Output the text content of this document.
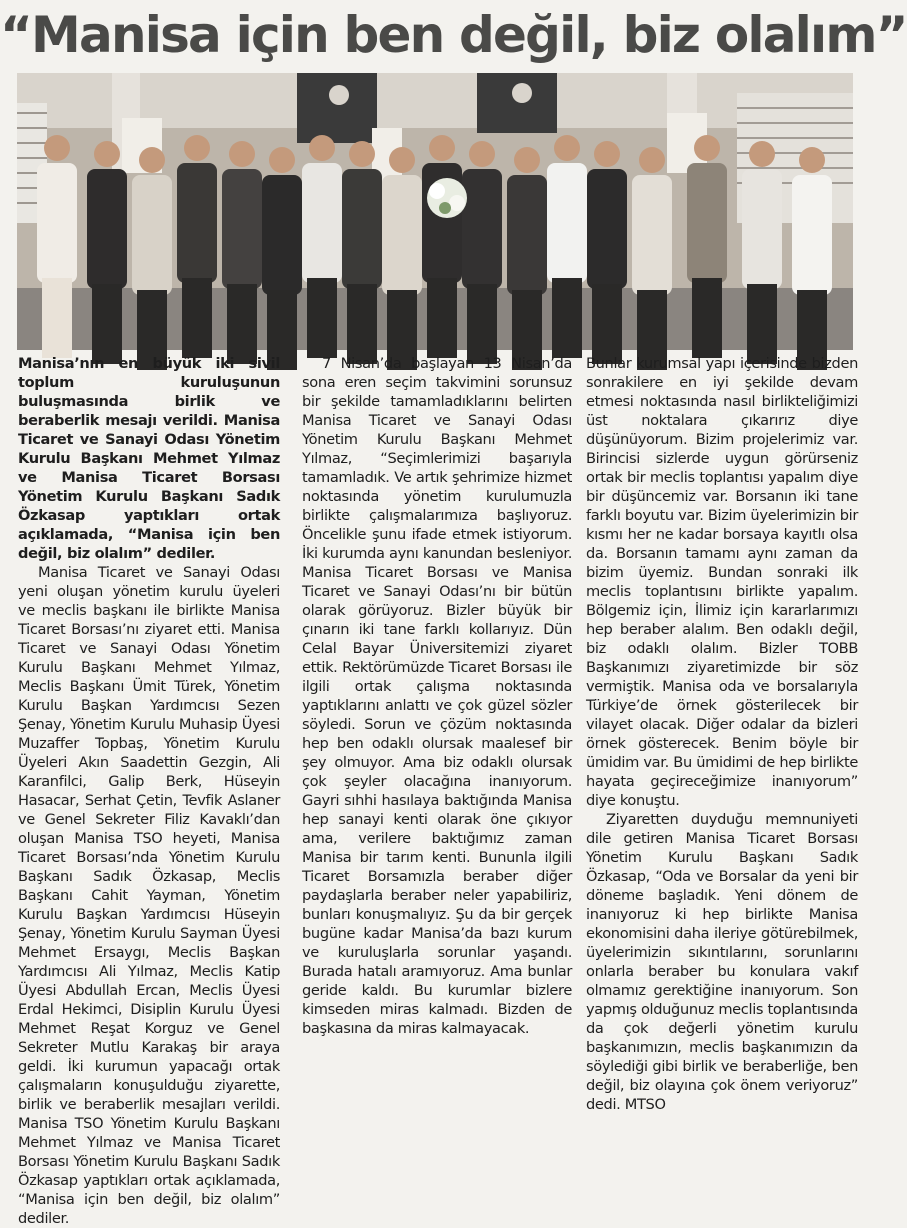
“Manisa için ben değil, biz olalım”

Manisa’nın en büyük iki sivil toplum kuruluşunun buluşmasında birlik ve beraberlik mesajı verildi. Manisa Ticaret ve Sanayi Odası Yönetim Kurulu Başkanı Mehmet Yılmaz ve Manisa Ticaret Borsası Yönetim Kurulu Başkanı Sadık Özkasap yaptıkları ortak açıklamada, “Manisa için ben değil, biz olalım” dediler.

Manisa Ticaret ve Sanayi Odası yeni oluşan yönetim kurulu üyeleri ve meclis başkanı ile birlikte Manisa Ticaret Borsası’nı ziyaret etti. Manisa Ticaret ve Sanayi Odası Yönetim Kurulu Başkanı Mehmet Yılmaz, Meclis Başkanı Ümit Türek, Yönetim Kurulu Başkan Yardımcısı Sezen Şenay, Yönetim Kurulu Muhasip Üyesi Muzaffer Topbaş, Yönetim Kurulu Üyeleri Akın Saadettin Gezgin, Ali Karanfilci, Galip Berk, Hüseyin Hasacar, Serhat Çetin, Tevfik Aslaner ve Genel Sekreter Filiz Kavaklı’dan oluşan Manisa TSO heyeti, Manisa Ticaret Borsası’nda Yönetim Kurulu Başkanı Sadık Özkasap, Meclis Başkanı Cahit Yayman, Yönetim Kurulu Başkan Yardımcısı Hüseyin Şenay, Yönetim Kurulu Sayman Üyesi Mehmet Ersaygı, Meclis Başkan Yardımcısı Ali Yılmaz, Meclis Katip Üyesi Abdullah Ercan, Meclis Üyesi Erdal Hekimci, Disiplin Kurulu Üyesi Mehmet Reşat Korguz ve Genel Sekreter Mutlu Karakaş bir araya geldi. İki kurumun yapacağı ortak çalışmaların konuşulduğu ziyarette, birlik ve beraberlik mesajları verildi. Manisa TSO Yönetim Kurulu Başkanı Mehmet Yılmaz ve Manisa Ticaret Borsası Yönetim Kurulu Başkanı Sadık Özkasap yaptıkları ortak açıklamada, “Manisa için ben değil, biz olalım” dediler.

7 Nisan’da başlayan 13 Nisan’da sona eren seçim takvimini sorunsuz bir şekilde tamamladıklarını belirten Manisa Ticaret ve Sanayi Odası Yönetim Kurulu Başkanı Mehmet Yılmaz, “Seçimlerimizi başarıyla tamamladık. Ve artık şehrimize hizmet noktasında yönetim kurulumuzla birlikte çalışmalarımıza başlıyoruz. Öncelikle şunu ifade etmek istiyorum. İki kurumda aynı kanundan besleniyor. Manisa Ticaret Borsası ve Manisa Ticaret ve Sanayi Odası’nı bir bütün olarak görüyoruz. Bizler büyük bir çınarın iki tane farklı kollarıyız. Dün Celal Bayar Üniversitemizi ziyaret ettik. Rektörümüzde Ticaret Borsası ile ilgili ortak çalışma noktasında yaptıklarını anlattı ve çok güzel sözler söyledi. Sorun ve çözüm noktasında hep ben odaklı olursak maalesef bir şey olmuyor. Ama biz odaklı olursak çok şeyler olacağına inanıyorum. Gayri sıhhi hasılaya baktığında Manisa hep sanayi kenti olarak öne çıkıyor ama, verilere baktığımız zaman Manisa bir tarım kenti. Bununla ilgili Ticaret Borsamızla beraber diğer paydaşlarla beraber neler yapabiliriz, bunları konuşmalıyız. Şu da bir gerçek bugüne kadar Manisa’da bazı kurum ve kuruluşlarla sorunlar yaşandı. Burada hatalı aramıyoruz. Ama bunlar geride kaldı. Bu kurumlar bizlere kimseden miras kalmadı. Bizden de başkasına da miras kalmayacak.

Bunlar kurumsal yapı içerisinde bizden sonrakilere en iyi şekilde devam etmesi noktasında nasıl birlikteliğimizi üst noktalara çıkarırız diye düşünüyorum. Bizim projelerimiz var. Birincisi sizlerde uygun görürseniz ortak bir meclis toplantısı yapalım diye bir düşüncemiz var. Borsanın iki tane farklı boyutu var. Bizim üyelerimizin bir kısmı her ne kadar borsaya kayıtlı olsa da. Borsanın tamamı aynı zaman da bizim üyemiz. Bundan sonraki ilk meclis toplantısını birlikte yapalım. Bölgemiz için, İlimiz için kararlarımızı hep beraber alalım. Ben odaklı değil, biz odaklı olalım. Bizler TOBB Başkanımızı ziyaretimizde bir söz vermiştik. Manisa oda ve borsalarıyla Türkiye’de örnek gösterilecek bir vilayet olacak. Diğer odalar da bizleri örnek gösterecek. Benim böyle bir ümidim var. Bu ümidimi de hep birlikte hayata geçireceğimize inanıyorum” diye konuştu.

Ziyaretten duyduğu memnuniyeti dile getiren Manisa Ticaret Borsası Yönetim Kurulu Başkanı Sadık Özkasap, “Oda ve Borsalar da yeni bir döneme başladık. Yeni dönem de inanıyoruz ki hep birlikte Manisa ekonomisini daha ileriye götürebilmek, üyelerimizin sıkıntılarını, sorunlarını onlarla beraber bu konulara vakıf olmamız gerektiğine inanıyorum. Son yapmış olduğunuz meclis toplantısında da çok değerli yönetim kurulu başkanımızın, meclis başkanımızın da söylediği gibi birlik ve beraberliğe, ben değil, biz olayına çok önem veriyoruz” dedi. MTSO
